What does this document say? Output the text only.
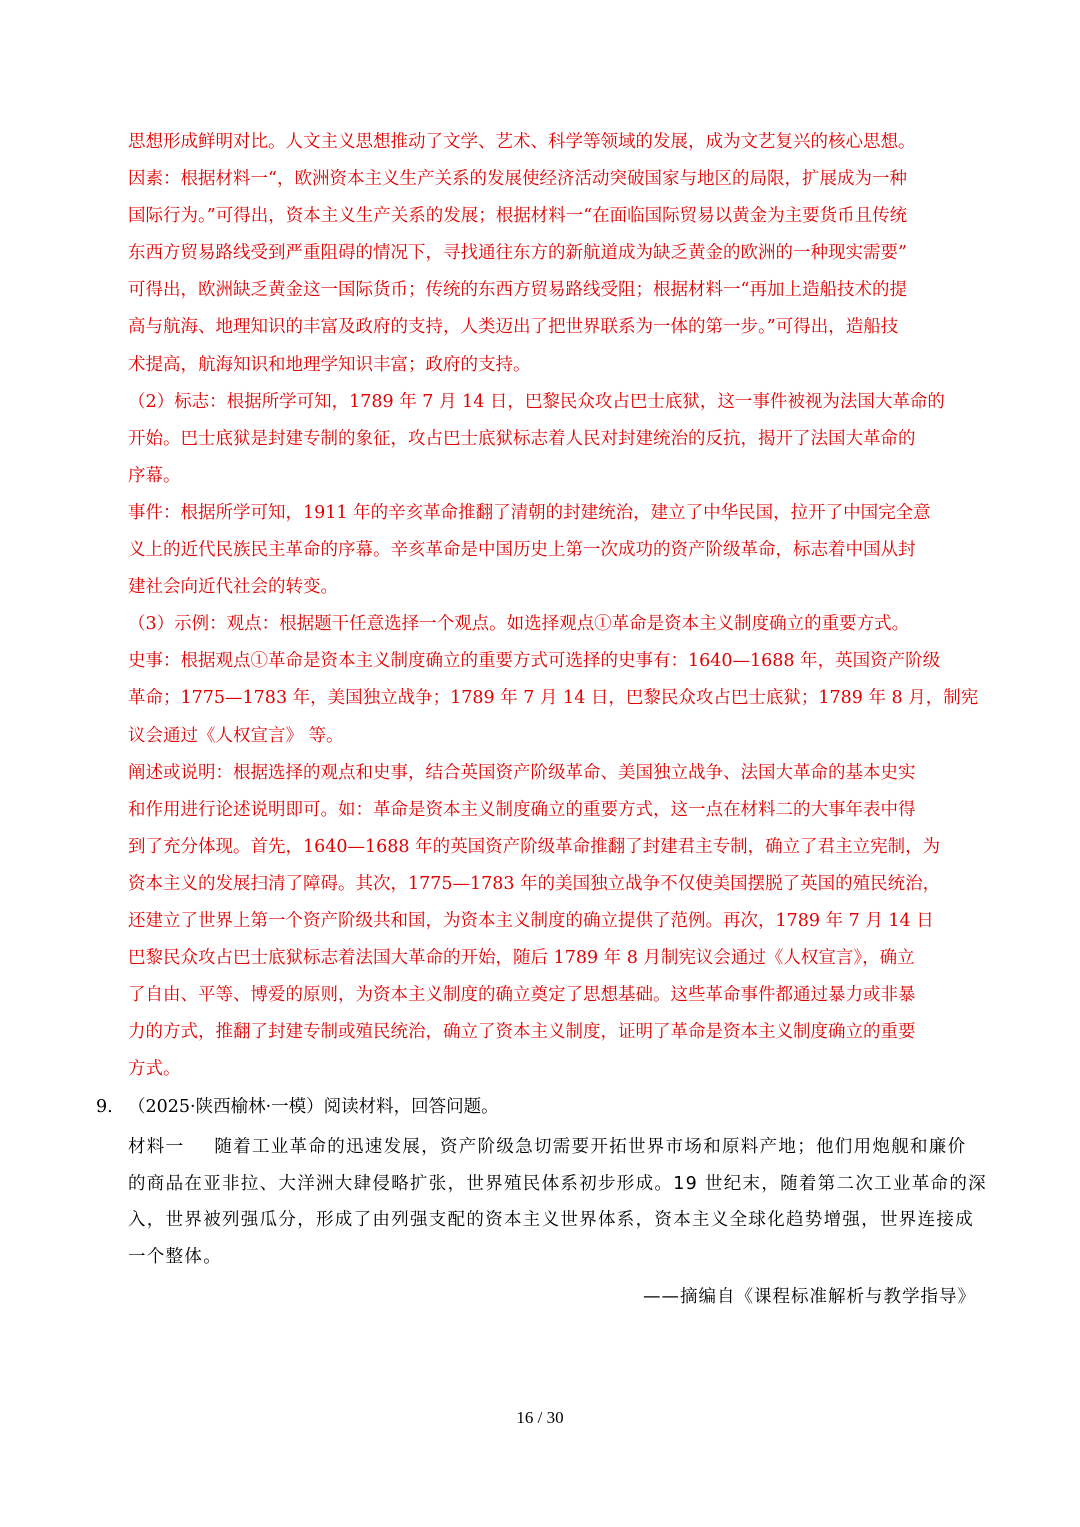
思想形成鲜明对比。人文主义思想推动了文学、艺术、科学等领域的发展，成为文艺复兴的核心思想。

因素：根据材料一“，欧洲资本主义生产关系的发展使经济活动突破国家与地区的局限，扩展成为一种

国际行为。”可得出，资本主义生产关系的发展；根据材料一“在面临国际贸易以黄金为主要货币且传统

东西方贸易路线受到严重阻碍的情况下，寻找通往东方的新航道成为缺乏黄金的欧洲的一种现实需要”

可得出，欧洲缺乏黄金这一国际货币；传统的东西方贸易路线受阻；根据材料一“再加上造船技术的提

高与航海、地理知识的丰富及政府的支持，人类迈出了把世界联系为一体的第一步。”可得出，造船技

术提高，航海知识和地理学知识丰富；政府的支持。

（2）标志：根据所学可知，1789 年 7 月 14 日，巴黎民众攻占巴士底狱，这一事件被视为法国大革命的

开始。巴士底狱是封建专制的象征，攻占巴士底狱标志着人民对封建统治的反抗，揭开了法国大革命的

序幕。

事件：根据所学可知，1911 年的辛亥革命推翻了清朝的封建统治，建立了中华民国，拉开了中国完全意

义上的近代民族民主革命的序幕。辛亥革命是中国历史上第一次成功的资产阶级革命，标志着中国从封

建社会向近代社会的转变。

（3）示例：观点：根据题干任意选择一个观点。如选择观点①革命是资本主义制度确立的重要方式。

史事：根据观点①革命是资本主义制度确立的重要方式可选择的史事有：1640—1688 年，英国资产阶级

革命；1775—1783 年，美国独立战争；1789 年 7 月 14 日，巴黎民众攻占巴士底狱；1789 年 8 月，制宪

议会通过《人权宣言》 等。

阐述或说明：根据选择的观点和史事，结合英国资产阶级革命、美国独立战争、法国大革命的基本史实

和作用进行论述说明即可。如：革命是资本主义制度确立的重要方式，这一点在材料二的大事年表中得

到了充分体现。首先，1640—1688 年的英国资产阶级革命推翻了封建君主专制，确立了君主立宪制，为

资本主义的发展扫清了障碍。其次，1775—1783 年的美国独立战争不仅使美国摆脱了英国的殖民统治，

还建立了世界上第一个资产阶级共和国，为资本主义制度的确立提供了范例。再次，1789 年 7 月 14 日

巴黎民众攻占巴士底狱标志着法国大革命的开始，随后 1789 年 8 月制宪议会通过《人权宣言》，确立

了自由、平等、博爱的原则，为资本主义制度的确立奠定了思想基础。这些革命事件都通过暴力或非暴

力的方式，推翻了封建专制或殖民统治，确立了资本主义制度，证明了革命是资本主义制度确立的重要

方式。

9. （2025·陕西榆林·一模）阅读材料，回答问题。

材料一 随着工业革命的迅速发展，资产阶级急切需要开拓世界市场和原料产地；他们用炮舰和廉价
的商品在亚非拉、大洋洲大肆侵略扩张，世界殖民体系初步形成。19 世纪末，随着第二次工业革命的深
入，世界被列强瓜分，形成了由列强支配的资本主义世界体系，资本主义全球化趋势增强，世界连接成
一个整体。

——摘编自《课程标准解析与教学指导》

16 / 30
